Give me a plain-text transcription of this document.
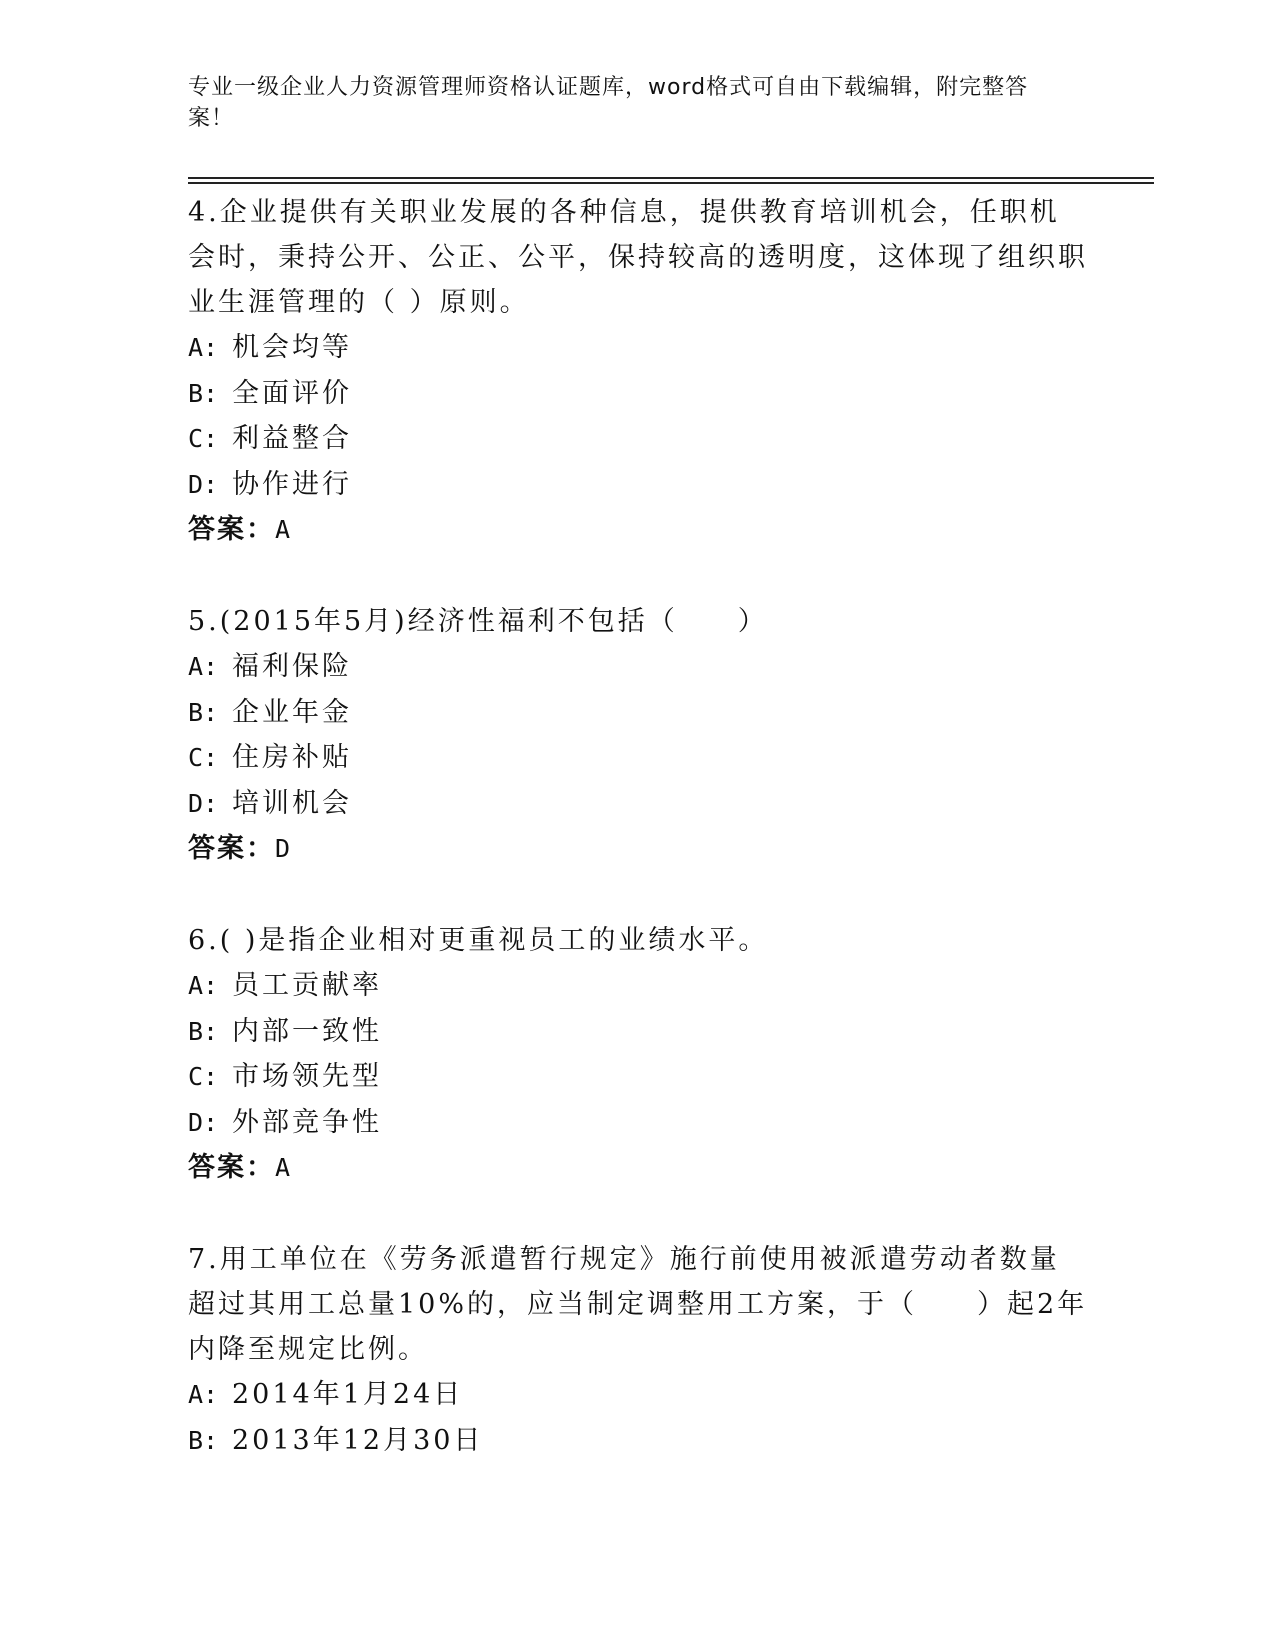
专业一级企业人力资源管理师资格认证题库，word格式可自由下载编辑，附完整答案！
4.企业提供有关职业发展的各种信息，提供教育培训机会，任职机会时，秉持公开、公正、公平，保持较高的透明度，这体现了组织职业生涯管理的（ ）原则。
A: 机会均等
B: 全面评价
C: 利益整合
D: 协作进行
答案：A
5.(2015年5月)经济性福利不包括（　　）
A: 福利保险
B: 企业年金
C: 住房补贴
D: 培训机会
答案：D
6.( )是指企业相对更重视员工的业绩水平。
A: 员工贡献率
B: 内部一致性
C: 市场领先型
D: 外部竞争性
答案：A
7.用工单位在《劳务派遣暂行规定》施行前使用被派遣劳动者数量超过其用工总量10%的，应当制定调整用工方案，于（　　）起2年内降至规定比例。
A: 2014年1月24日
B: 2013年12月30日
